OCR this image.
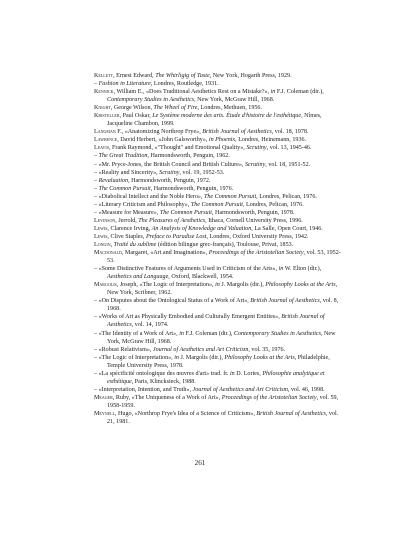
Kellett, Ernest Edward, The Whirligig of Taste, New York, Hogarth Press, 1929.
– Fashion in Literature, Londres, Routledge, 1931.
Kennick, William E., «Does Traditional Aesthetics Rest on a Mistake?», in F.J. Coleman (dir.), Contemporary Studies in Aesthetics, New York, McGraw Hill, 1968.
Knight, George Wilson, The Wheel of Fire, Londres, Methuen, 1956.
Kristeller, Paul Oskar, Le Système moderne des arts. Étude d'histoire de l'esthétique, Nîmes, Jacqueline Chambon, 1999.
Langman F., «Anatomizing Northrop Frye», British Journal of Aesthetics, vol. 18, 1978.
Lawrence, David Herbert, «John Galsworthy», in Phoenix, Londres, Heinemann, 1936.
Leavis, Frank Raymond, «"Thought" and Emotional Quality», Scrutiny, vol. 13, 1945-46.
– The Great Tradition, Harmondsworth, Penguin, 1962.
– «Mr. Pryce-Jones, the British Council and British Culture», Scrutiny, vol. 18, 1951-52.
– «Reality and Sincerity», Scrutiny, vol. 19, 1952-53.
– Revaluation, Harmondsworth, Penguin, 1972.
– The Common Pursuit, Harmondsworth, Penguin, 1976.
– «Diabolical Intellect and the Noble Hero», The Common Pursuit, Londres, Pelican, 1976.
– «Literary Criticism and Philosophy», The Common Pursuit, Londres, Pelican, 1976.
– «Measure for Measure», The Common Pursuit, Harmondsworth, Penguin, 1978.
Levinson, Jerrold, The Pleasures of Aesthetics, Ithaca, Cornell University Press, 1996.
Lewis, Clarence Irving, An Analysis of Knowledge and Valuation, La Salle, Open Court, 1946.
Lewis, Clive Staples, Preface to Paradise Lost, Londres, Oxford University Press, 1942.
Longin, Traité du sublime (édition bilingue grec-français), Toulouse, Privat, 1853.
Macdonald, Margaret, «Art and Imagination», Proceedings of the Aristotelian Society, vol. 53, 1952-53.
– «Some Distinctive Features of Arguments Used in Criticism of the Arts», in W. Elton (dir.), Aesthetics and Language, Oxford, Blackwell, 1954.
Margolis, Joseph, «The Logic of Interpretation», in J. Margolis (dir.), Philosophy Looks at the Arts, New York, Scribner, 1962.
– «On Disputes about the Ontological Status of a Work of Art», British Journal of Aesthetics, vol. 8, 1968.
– «Works of Art as Physically Embodied and Culturally Emergent Entities», British Journal of Aesthetics, vol. 14, 1974.
– «The Identity of a Work of Art», in F.J. Coleman (dir.), Contemporary Studies in Aesthetics, New York, McGraw Hill, 1968.
– «Robust Relativism», Journal of Aesthetics and Art Criticism, vol. 35, 1976.
– «The Logic of Interpretation», in J. Margolis (dir.), Philosophy Looks at the Arts, Philadelphie, Temple University Press, 1978.
– «La spécificité ontologique des œuvres d'art» trad. fr. in D. Lories, Philosophie analytique et esthétique, Paris, Klincksieck, 1988.
– «Interpretation, Intention, and Truth», Journal of Aesthetics and Art Criticism, vol. 46, 1998.
Meager, Ruby, «The Uniqueness of a Work of Art», Proceedings of the Aristotelian Society, vol. 59, 1958-1959.
Meynell, Hugo, «Northrop Frye's Idea of a Science of Criticism», British Journal of Aesthetics, vol. 21, 1981.
261
